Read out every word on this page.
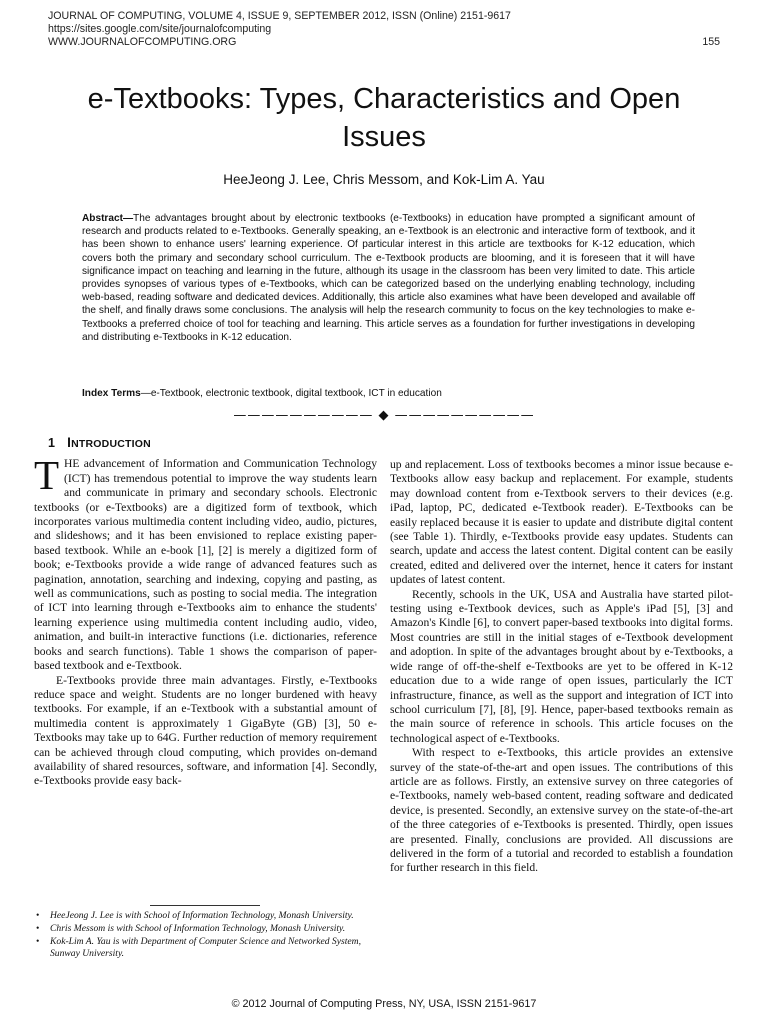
JOURNAL OF COMPUTING, VOLUME 4, ISSUE 9, SEPTEMBER 2012, ISSN (Online) 2151-9617
https://sites.google.com/site/journalofcomputing
WWW.JOURNALOFCOMPUTING.ORG	155
e-Textbooks: Types, Characteristics and Open Issues
HeeJeong J. Lee, Chris Messom, and Kok-Lim A. Yau
Abstract—The advantages brought about by electronic textbooks (e-Textbooks) in education have prompted a significant amount of research and products related to e-Textbooks. Generally speaking, an e-Textbook is an electronic and interactive form of textbook, and it has been shown to enhance users' learning experience. Of particular interest in this article are textbooks for K-12 education, which covers both the primary and secondary school curriculum. The e-Textbook products are blooming, and it is foreseen that it will have significance impact on teaching and learning in the future, although its usage in the classroom has been very limited to date. This article provides synopses of various types of e-Textbooks, which can be categorized based on the underlying enabling technology, including web-based, reading software and dedicated devices. Additionally, this article also examines what have been developed and available off the shelf, and finally draws some conclusions. The analysis will help the research community to focus on the key technologies to make e-Textbooks a preferred choice of tool for teaching and learning. This article serves as a foundation for further investigations in developing and distributing e-Textbooks in K-12 education.
Index Terms—e-Textbook, electronic textbook, digital textbook, ICT in education
—————————— ◆ ——————————
1 INTRODUCTION

THE advancement of Information and Communication Technology (ICT) has tremendous potential to improve the way students learn and communicate in primary and secondary schools. Electronic textbooks (or e-Textbooks) are a digitized form of textbook, which incorporates various multimedia content including video, audio, pictures, and slideshows; and it has been envisioned to replace existing paper-based textbook. While an e-book [1], [2] is merely a digitized form of book; e-Textbooks provide a wide range of advanced features such as pagination, annotation, searching and indexing, copying and pasting, as well as communications, such as posting to social media. The integration of ICT into learning through e-Textbooks aim to enhance the students' learning experience using multimedia content including audio, video, animation, and built-in interactive functions (i.e. dictionaries, reference books and search functions). Table 1 shows the comparison of paper-based textbook and e-Textbook.

E-Textbooks provide three main advantages. Firstly, e-Textbooks reduce space and weight. Students are no longer burdened with heavy textbooks. For example, if an e-Textbook with a substantial amount of multimedia content is approximately 1 GigaByte (GB) [3], 50 e-Textbooks may take up to 64G. Further reduction of memory requirement can be achieved through cloud computing, which provides on-demand availability of shared resources, software, and information [4]. Secondly, e-Textbooks provide easy back-

up and replacement. Loss of textbooks becomes a minor issue because e-Textbooks allow easy backup and replacement. For example, students may download content from e-Textbook servers to their devices (e.g. iPad, laptop, PC, dedicated e-Textbook reader). E-Textbooks can be easily replaced because it is easier to update and distribute digital content (see Table 1). Thirdly, e-Textbooks provide easy updates. Students can search, update and access the latest content. Digital content can be easily created, edited and delivered over the internet, hence it caters for instant updates of latest content.

Recently, schools in the UK, USA and Australia have started pilot-testing using e-Textbook devices, such as Apple's iPad [5], [3] and Amazon's Kindle [6], to convert paper-based textbooks into digital forms. Most countries are still in the initial stages of e-Textbook development and adoption. In spite of the advantages brought about by e-Textbooks, a wide range of off-the-shelf e-Textbooks are yet to be offered in K-12 education due to a wide range of open issues, particularly the ICT infrastructure, finance, as well as the support and integration of ICT into school curriculum [7], [8], [9]. Hence, paper-based textbooks remain as the main source of reference in schools. This article focuses on the technological aspect of e-Textbooks.

With respect to e-Textbooks, this article provides an extensive survey of the state-of-the-art and open issues. The contributions of this article are as follows. Firstly, an extensive survey on three categories of e-Textbooks, namely web-based content, reading software and dedicated device, is presented. Secondly, an extensive survey on the state-of-the-art of the three categories of e-Textbooks is presented. Thirdly, open issues are presented. Finally, conclusions are provided. All discussions are delivered in the form of a tutorial and recorded to establish a foundation for further research in this field.

• HeeJeong J. Lee is with School of Information Technology, Monash University.
• Chris Messom is with School of Information Technology, Monash University.
• Kok-Lim A. Yau is with Department of Computer Science and Networked System, Sunway University.
© 2012 Journal of Computing Press, NY, USA, ISSN 2151-9617
